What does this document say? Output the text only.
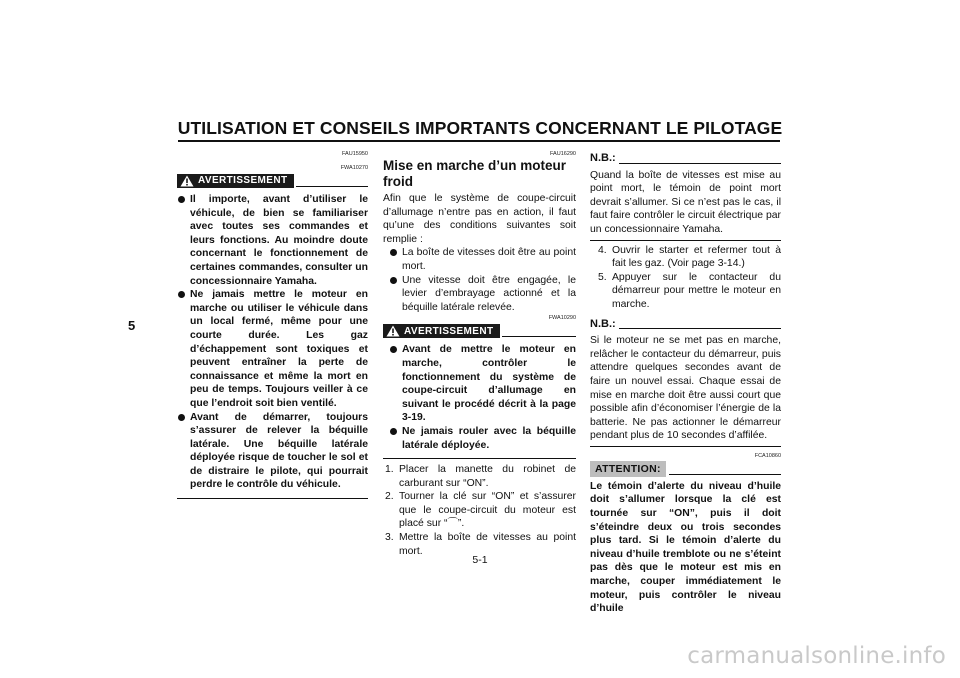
UTILISATION ET CONSEILS IMPORTANTS CONCERNANT LE PILOTAGE
5

FAU15950

FWA10270

AVERTISSEMENT
Il importe, avant d’utiliser le véhicule, de bien se familiariser avec toutes ses commandes et leurs fonctions. Au moindre doute concernant le fonctionnement de certaines commandes, consulter un concessionnaire Yamaha.
Ne jamais mettre le moteur en marche ou utiliser le véhicule dans un local fermé, même pour une courte durée. Les gaz d’échappement sont toxiques et peuvent entraîner la perte de connaissance et même la mort en peu de temps. Toujours veiller à ce que l’endroit soit bien ventilé.
Avant de démarrer, toujours s’assurer de relever la béquille latérale. Une béquille latérale déployée risque de toucher le sol et de distraire le pilote, qui pourrait perdre le contrôle du véhicule.

FAU16290

Mise en marche d’un moteur froid

Afin que le système de coupe-circuit d’allumage n’entre pas en action, il faut qu’une des conditions suivantes soit remplie :

La boîte de vitesses doit être au point mort.
Une vitesse doit être engagée, le levier d’embrayage actionné et la béquille latérale relevée.

FWA10290

AVERTISSEMENT
Avant de mettre le moteur en marche, contrôler le fonctionnement du système de coupe-circuit d’allumage en suivant le procédé décrit à la page 3-19.
Ne jamais rouler avec la béquille latérale déployée.
1. Placer la manette du robinet de carburant sur “ON”.
2. Tourner la clé sur “ON” et s’assurer que le coupe-circuit du moteur est placé sur “⌒”.
3. Mettre la boîte de vitesses au point mort.
N.B.:

Quand la boîte de vitesses est mise au point mort, le témoin de point mort devrait s’allumer. Si ce n’est pas le cas, il faut faire contrôler le circuit électrique par un concessionnaire Yamaha.

4. Ouvrir le starter et refermer tout à fait les gaz. (Voir page 3-14.)
5. Appuyer sur le contacteur du démarreur pour mettre le moteur en marche.
N.B.:

Si le moteur ne se met pas en marche, relâcher le contacteur du démarreur, puis attendre quelques secondes avant de faire un nouvel essai. Chaque essai de mise en marche doit être aussi court que possible afin d’économiser l’énergie de la batterie. Ne pas actionner le démarreur pendant plus de 10 secondes d’affilée.

FCA10860

ATTENTION:

Le témoin d’alerte du niveau d’huile doit s’allumer lorsque la clé est tournée sur “ON”, puis il doit s’éteindre deux ou trois secondes plus tard. Si le témoin d’alerte du niveau d’huile tremblote ou ne s’éteint pas dès que le moteur est mis en marche, couper immédiatement le moteur, puis contrôler le niveau d’huile

5-1
carmanualsonline.info
